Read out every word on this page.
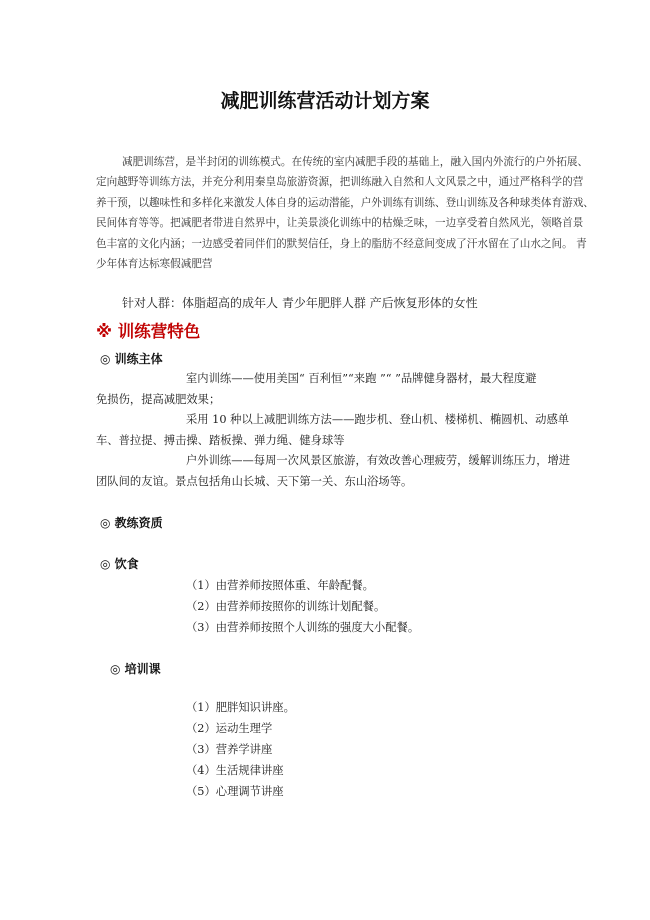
减肥训练营活动计划方案
减肥训练营，是半封闭的训练模式。在传统的室内减肥手段的基础上，融入国内外流行的户外拓展、
定向越野等训练方法，并充分利用秦皇岛旅游资源，把训练融入自然和人文风景之中，通过严格科学的营
养干预，以趣味性和多样化来激发人体自身的运动潜能，户外训练有训练、登山训练及各种球类体育游戏、
民间体育等等。把减肥者带进自然界中，让美景淡化训练中的枯燥乏味，一边享受着自然风光，领略首景
色丰富的文化内涵；一边感受着同伴们的默契信任，身上的脂肪不经意间变成了汗水留在了山水之间。 青
少年体育达标寒假减肥营
针对人群：体脂超高的成年人 青少年肥胖人群 产后恢复形体的女性
※ 训练营特色
◎ 训练主体
室内训练——使用美国“ 百利恒”“来跑 ”“ ”品牌健身器材，最大程度避
免损伤，提高减肥效果；
采用 10 种以上减肥训练方法——跑步机、登山机、楼梯机、椭圆机、动感单
车、普拉提、搏击操、踏板操、弹力绳、健身球等
户外训练——每周一次风景区旅游，有效改善心理疲劳，缓解训练压力，增进
团队间的友谊。景点包括角山长城、天下第一关、东山浴场等。
◎ 教练资质
◎ 饮食
（1）由营养师按照体重、年龄配餐。
（2）由营养师按照你的训练计划配餐。
（3）由营养师按照个人训练的强度大小配餐。
◎ 培训课
（1）肥胖知识讲座。
（2）运动生理学
（3）营养学讲座
（4）生活规律讲座
（5）心理调节讲座
